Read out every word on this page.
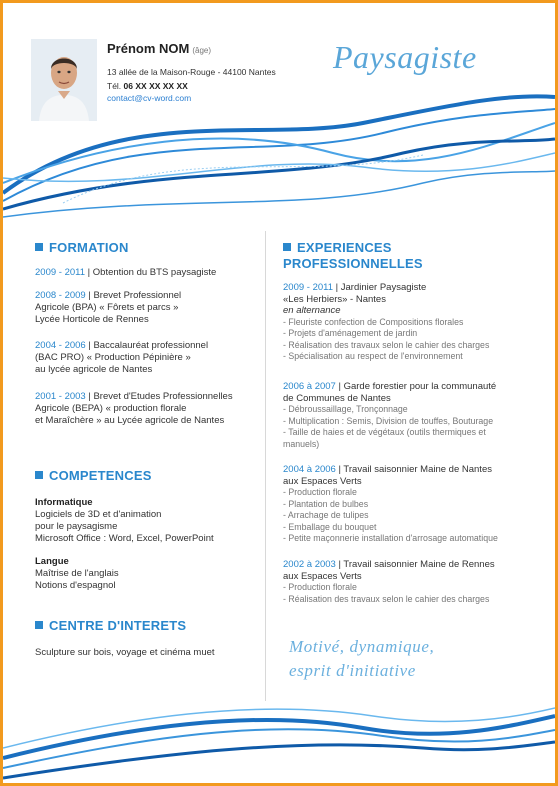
Prénom NOM (âge)
13 allée de la Maison-Rouge - 44100 Nantes
Tél. 06 XX XX XX XX
contact@cv-word.com
Paysagiste
FORMATION
2009 - 2011 | Obtention du BTS paysagiste
2008 - 2009 | Brevet Professionnel
Agricole (BPA) « Fôrets et parcs »
Lycée Horticole de Rennes
2004 - 2006 | Baccalauréat professionnel
(BAC PRO) « Production Pépinière »
au lycée agricole de Nantes
2001 - 2003 | Brevet d'Etudes Professionnelles
Agricole (BEPA) « production florale
et Maraîchère » au Lycée agricole de Nantes
COMPETENCES
Informatique
Logiciels de 3D et d'animation
pour le paysagisme
Microsoft Office : Word, Excel, PowerPoint
Langue
Maîtrise de l'anglais
Notions d'espagnol
CENTRE D'INTERETS
Sculpture sur bois, voyage et cinéma muet
EXPERIENCES
PROFESSIONNELLES
2009 - 2011 | Jardinier Paysagiste
«Les Herbiers» - Nantes
en alternance
- Fleuriste confection de Compositions florales
- Projets d'aménagement de jardin
- Réalisation des travaux selon le cahier des charges
- Spécialisation au respect de l'environnement
2006 à 2007 | Garde forestier pour la communauté
de Communes de Nantes
- Débroussaillage, Tronçonnage
- Multiplication : Semis, Division de touffes, Bouturage
- Taille de haies et de végétaux (outils thermiques et
manuels)
2004 à 2006 | Travail saisonnier Maine de Nantes
aux Espaces Verts
- Production florale
- Plantation de bulbes
- Arrachage de tulipes
- Emballage du bouquet
- Petite maçonnerie installation d'arrosage automatique
2002 à 2003 | Travail saisonnier Maine de Rennes
aux Espaces Verts
- Production florale
- Réalisation des travaux selon le cahier des charges
Motivé, dynamique,
esprit d'initiative
